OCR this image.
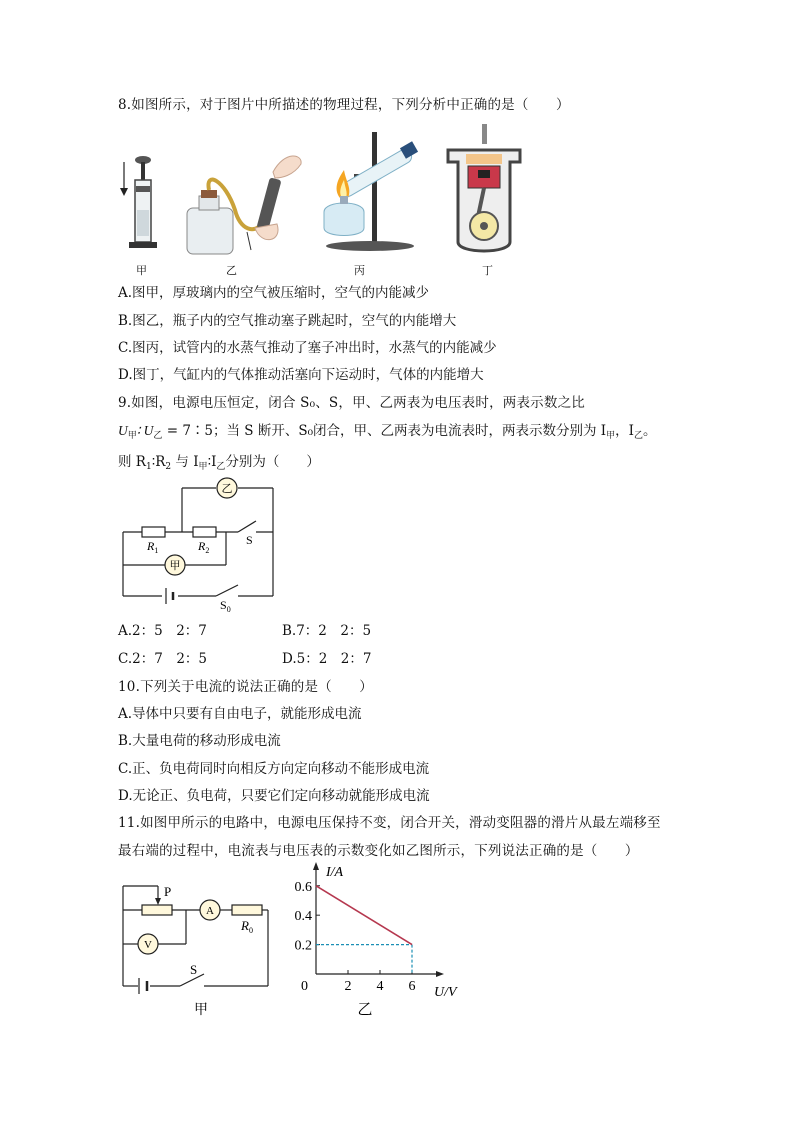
8.如图所示，对于图片中所描述的物理过程，下列分析中正确的是（　　）
甲	乙	丙	丁
A.图甲，厚玻璃内的空气被压缩时，空气的内能减少
B.图乙，瓶子内的空气推动塞子跳起时，空气的内能增大
C.图丙，试管内的水蒸气推动了塞子冲出时，水蒸气的内能减少
D.图丁，气缸内的气体推动活塞向下运动时，气体的内能增大
9.如图，电源电压恒定，闭合 S₀、S，甲、乙两表为电压表时，两表示数之比
$U_甲∶$ $U_乙$ = 7∶5；当 S 断开、S₀闭合，甲、乙两表为电流表时，两表示数分别为 $I_甲$，$I_乙$。
则 $R_1∶R_2$ 与 $I_甲∶I_乙$分别为（　　）
乙
甲
$R_1$	$R_2$
S
$S_0$
A.2：5　2：7	B.7：2　2：5
C.2：7　2：5	D.5：2　2：7
10.下列关于电流的说法正确的是（　　）
A.导体中只要有自由电子，就能形成电流
B.大量电荷的移动形成电流
C.正、负电荷同时向相反方向定向移动不能形成电流
D.无论正、负电荷，只要它们定向移动就能形成电流
11.如图甲所示的电路中，电源电压保持不变，闭合开关，滑动变阻器的滑片从最左端移至
最右端的过程中，电流表与电压表的示数变化如乙图所示，下列说法正确的是（　　）
P
A
V
$R_0$
S
甲
2 4 6
0.2
0.4
0.6
0	U/V
I/A
乙
